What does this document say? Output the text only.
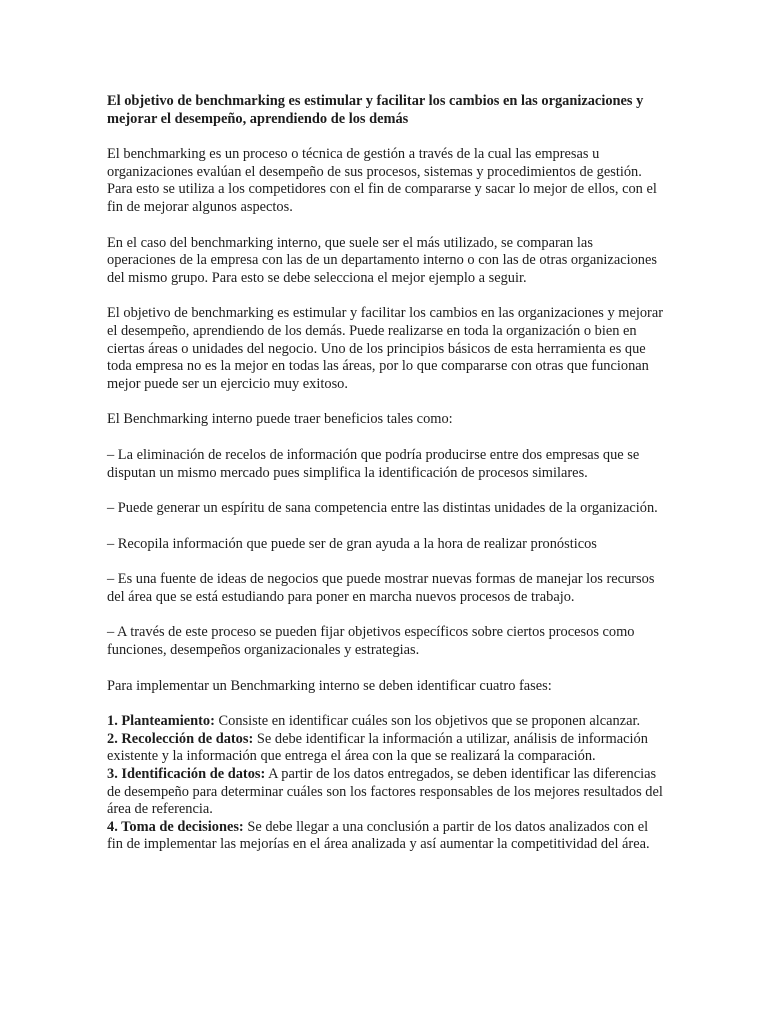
El objetivo de benchmarking es estimular y facilitar los cambios en las organizaciones y mejorar el desempeño, aprendiendo de los demás

El benchmarking es un proceso o técnica de gestión a través de la cual las empresas u organizaciones evalúan el desempeño de sus procesos, sistemas y procedimientos de gestión. Para esto se utiliza a los competidores con el fin de compararse y sacar lo mejor de ellos, con el fin de mejorar algunos aspectos.

En el caso del benchmarking interno, que suele ser el más utilizado, se comparan las operaciones de la empresa con las de un departamento interno o con las de otras organizaciones del mismo grupo. Para esto se debe selecciona el mejor ejemplo a seguir.

El objetivo de benchmarking es estimular y facilitar los cambios en las organizaciones y mejorar el desempeño, aprendiendo de los demás. Puede realizarse en toda la organización o bien en ciertas áreas o unidades del negocio. Uno de los principios básicos de esta herramienta es que toda empresa no es la mejor en todas las áreas, por lo que compararse con otras que funcionan mejor puede ser un ejercicio muy exitoso.

El Benchmarking interno puede traer beneficios tales como:

– La eliminación de recelos de información que podría producirse entre dos empresas que se disputan un mismo mercado pues simplifica la identificación de procesos similares.

– Puede generar un espíritu de sana competencia entre las distintas unidades de la organización.

– Recopila información que puede ser de gran ayuda a la hora de realizar pronósticos

– Es una fuente de ideas de negocios que puede mostrar nuevas formas de manejar los recursos del área que se está estudiando para poner en marcha nuevos procesos de trabajo.

– A través de este proceso se pueden fijar objetivos específicos sobre ciertos procesos como funciones, desempeños organizacionales y estrategias.

Para implementar un Benchmarking interno se deben identificar cuatro fases:

1. Planteamiento: Consiste en identificar cuáles son los objetivos que se proponen alcanzar.

2. Recolección de datos: Se debe identificar la información a utilizar, análisis de información existente y la información que entrega el área con la que se realizará la comparación.

3. Identificación de datos: A partir de los datos entregados, se deben identificar las diferencias de desempeño para determinar cuáles son los factores responsables de los mejores resultados del área de referencia.

4. Toma de decisiones: Se debe llegar a una conclusión a partir de los datos analizados con el fin de implementar las mejorías en el área analizada y así aumentar la competitividad del área.
